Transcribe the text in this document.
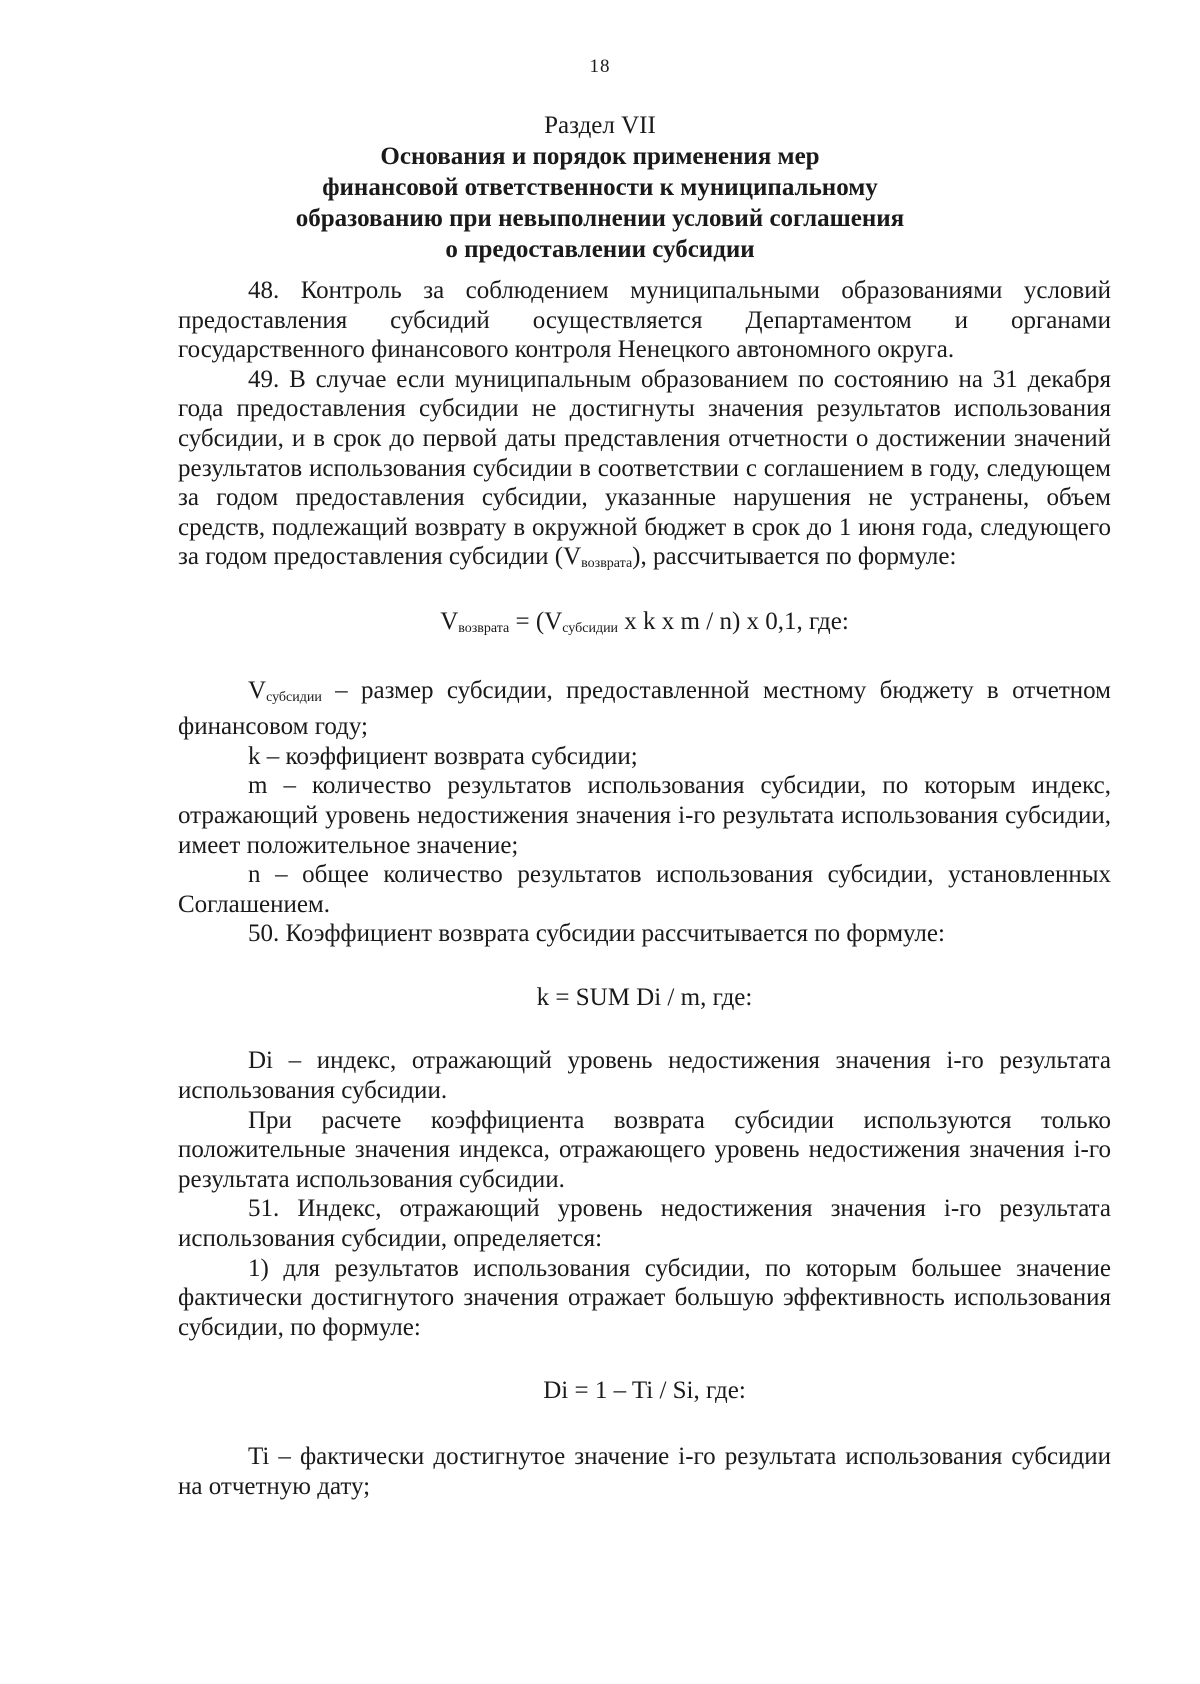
18
Раздел VII
Основания и порядок применения мер
финансовой ответственности к муниципальному
образованию при невыполнении условий соглашения
о предоставлении субсидии

48. Контроль за соблюдением муниципальными образованиями условий предоставления субсидий осуществляется Департаментом и органами государственного финансового контроля Ненецкого автономного округа.

49. В случае если муниципальным образованием по состоянию на 31 декабря года предоставления субсидии не достигнуты значения результатов использования субсидии, и в срок до первой даты представления отчетности о достижении значений результатов использования субсидии в соответствии с соглашением в году, следующем за годом предоставления субсидии, указанные нарушения не устранены, объем средств, подлежащий возврату в окружной бюджет в срок до 1 июня года, следующего за годом предоставления субсидии $(V_{возврата})$, рассчитывается по формуле:

$V_{возврата} = (V_{субсидии}$ x k x m / n) x 0,1, где:

$V_{субсидии}$ – размер субсидии, предоставленной местному бюджету в отчетном финансовом году;

k – коэффициент возврата субсидии;

m – количество результатов использования субсидии, по которым индекс, отражающий уровень недостижения значения i-го результата использования субсидии, имеет положительное значение;

n – общее количество результатов использования субсидии, установленных Соглашением.

50. Коэффициент возврата субсидии рассчитывается по формуле:

k = SUM Di / m, где:

Di – индекс, отражающий уровень недостижения значения i-го результата использования субсидии.

При расчете коэффициента возврата субсидии используются только положительные значения индекса, отражающего уровень недостижения значения i-го результата использования субсидии.

51. Индекс, отражающий уровень недостижения значения i-го результата использования субсидии, определяется:

1) для результатов использования субсидии, по которым большее значение фактически достигнутого значения отражает большую эффективность использования субсидии, по формуле:

Di = 1 – Ti / Si, где:

Ti – фактически достигнутое значение i-го результата использования субсидии на отчетную дату;
